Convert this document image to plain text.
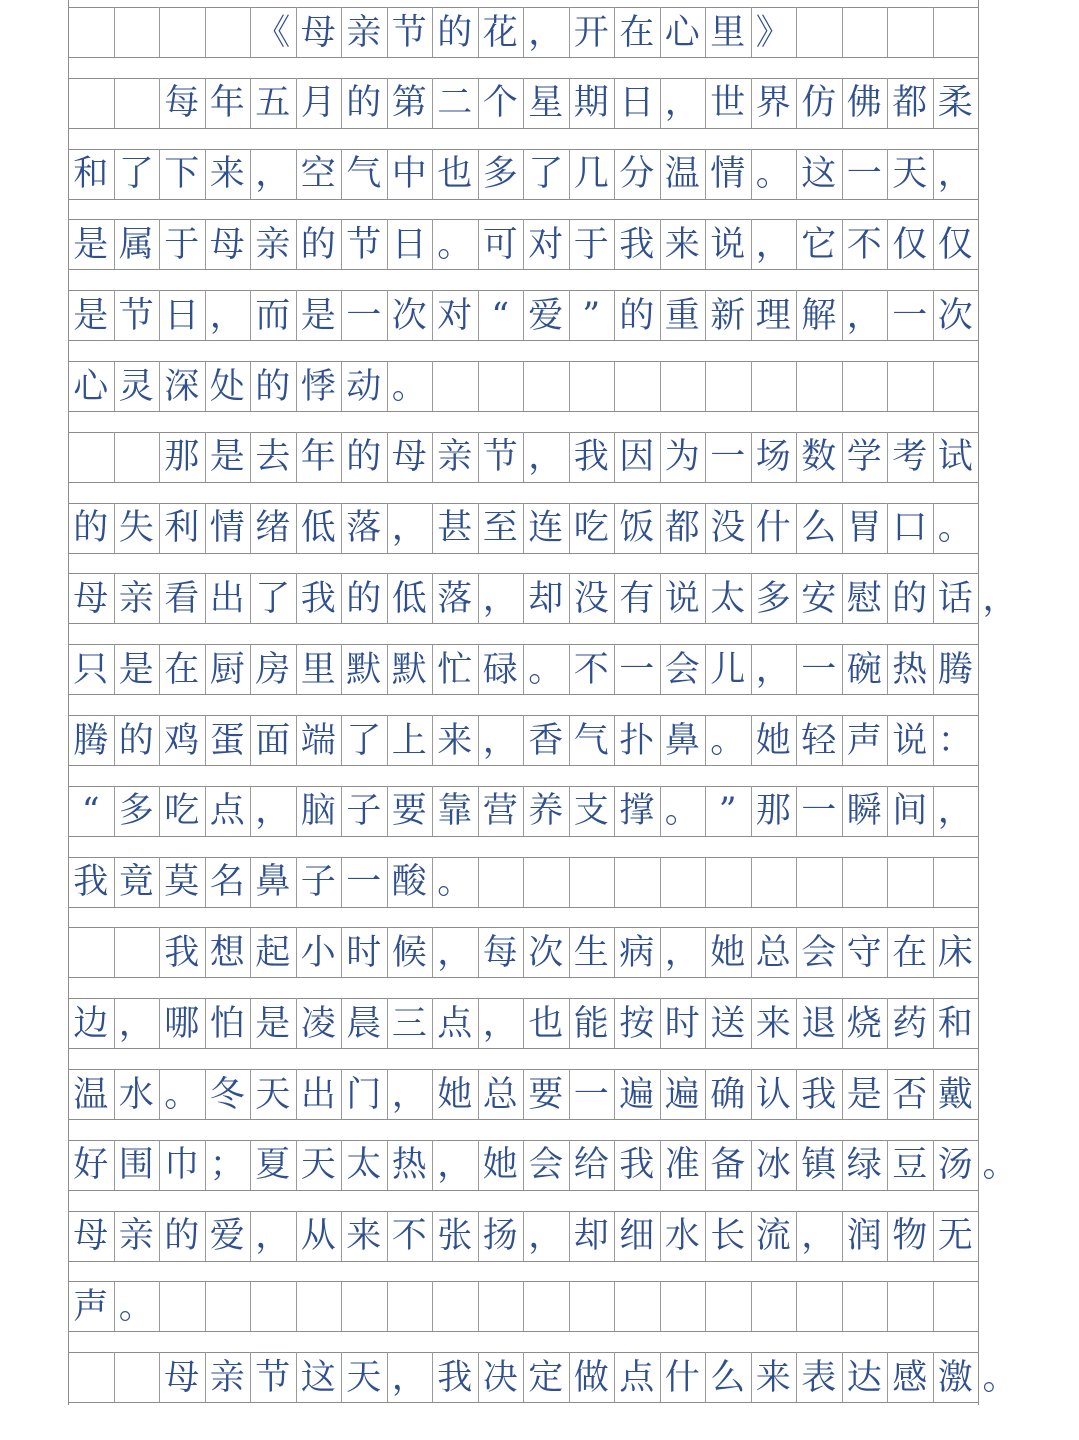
《 母 亲 节 的 花 ， 开 在 心 里 》
每 年 五 月 的 第 二 个 星 期 日 ， 世 界 仿 佛 都 柔
和 了 下 来 ， 空 气 中 也 多 了 几 分 温 情 。 这 一 天 ，
是 属 于 母 亲 的 节 日 。 可 对 于 我 来 说 ， 它 不 仅 仅
是 节 日 ， 而 是 一 次 对 “ 爱 ” 的 重 新 理 解 ， 一 次
心 灵 深 处 的 悸 动 。
那 是 去 年 的 母 亲 节 ， 我 因 为 一 场 数 学 考 试
的 失 利 情 绪 低 落 ， 甚 至 连 吃 饭 都 没 什 么 胃 口 。
母 亲 看 出 了 我 的 低 落 ， 却 没 有 说 太 多 安 慰 的 话 ，
只 是 在 厨 房 里 默 默 忙 碌 。 不 一 会 儿 ， 一 碗 热 腾
腾 的 鸡 蛋 面 端 了 上 来 ， 香 气 扑 鼻 。 她 轻 声 说 ：
“ 多 吃 点 ， 脑 子 要 靠 营 养 支 撑 。 ” 那 一 瞬 间 ，
我 竟 莫 名 鼻 子 一 酸 。
我 想 起 小 时 候 ， 每 次 生 病 ， 她 总 会 守 在 床
边 ， 哪 怕 是 凌 晨 三 点 ， 也 能 按 时 送 来 退 烧 药 和
温 水 。 冬 天 出 门 ， 她 总 要 一 遍 遍 确 认 我 是 否 戴
好 围 巾 ； 夏 天 太 热 ， 她 会 给 我 准 备 冰 镇 绿 豆 汤 。
母 亲 的 爱 ， 从 来 不 张 扬 ， 却 细 水 长 流 ， 润 物 无
声 。
母 亲 节 这 天 ， 我 决 定 做 点 什 么 来 表 达 感 激 。
